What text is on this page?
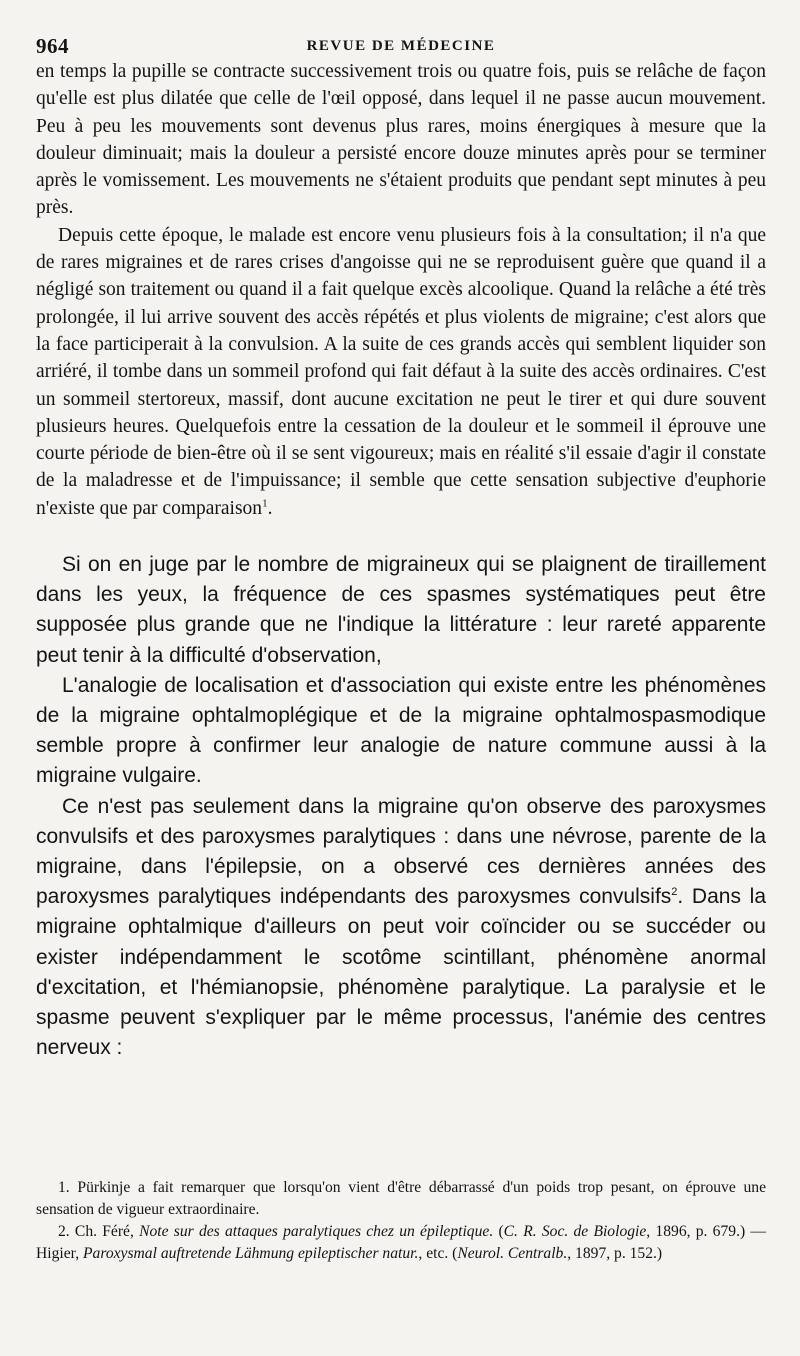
964	REVUE DE MÉDECINE

en temps la pupille se contracte successivement trois ou quatre fois, puis se relâche de façon qu'elle est plus dilatée que celle de l'œil opposé, dans lequel il ne passe aucun mouvement. Peu à peu les mouvements sont devenus plus rares, moins énergiques à mesure que la douleur diminuait; mais la douleur a persisté encore douze minutes après pour se terminer après le vomissement. Les mouvements ne s'étaient produits que pendant sept minutes à peu près.

Depuis cette époque, le malade est encore venu plusieurs fois à la consultation; il n'a que de rares migraines et de rares crises d'angoisse qui ne se reproduisent guère que quand il a négligé son traitement ou quand il a fait quelque excès alcoolique. Quand la relâche a été très prolongée, il lui arrive souvent des accès répétés et plus violents de migraine; c'est alors que la face participerait à la convulsion. A la suite de ces grands accès qui semblent liquider son arriéré, il tombe dans un sommeil profond qui fait défaut à la suite des accès ordinaires. C'est un sommeil stertoreux, massif, dont aucune excitation ne peut le tirer et qui dure souvent plusieurs heures. Quelquefois entre la cessation de la douleur et le sommeil il éprouve une courte période de bien-être où il se sent vigoureux; mais en réalité s'il essaie d'agir il constate de la maladresse et de l'impuissance; il semble que cette sensation subjective d'euphorie n'existe que par comparaison$^1$.

Si on en juge par le nombre de migraineux qui se plaignent de tiraillement dans les yeux, la fréquence de ces spasmes systématiques peut être supposée plus grande que ne l'indique la littérature : leur rareté apparente peut tenir à la difficulté d'observation,

L'analogie de localisation et d'association qui existe entre les phénomènes de la migraine ophtalmoplégique et de la migraine ophtalmospasmodique semble propre à confirmer leur analogie de nature commune aussi à la migraine vulgaire.

Ce n'est pas seulement dans la migraine qu'on observe des paroxysmes convulsifs et des paroxysmes paralytiques : dans une névrose, parente de la migraine, dans l'épilepsie, on a observé ces dernières années des paroxysmes paralytiques indépendants des paroxysmes convulsifs$^2$. Dans la migraine ophtalmique d'ailleurs on peut voir coïncider ou se succéder ou exister indépendamment le scotôme scintillant, phénomène anormal d'excitation, et l'hémianopsie, phénomène paralytique. La paralysie et le spasme peuvent s'expliquer par le même processus, l'anémie des centres nerveux :

1. Pürkinje a fait remarquer que lorsqu'on vient d'être débarrassé d'un poids trop pesant, on éprouve une sensation de vigueur extraordinaire.

2. Ch. Féré, Note sur des attaques paralytiques chez un épileptique. (C. R. Soc. de Biologie, 1896, p. 679.) — Higier, Paroxysmal auftretende Lähmung epileptischer natur., etc. (Neurol. Centralb., 1897, p. 152.)
